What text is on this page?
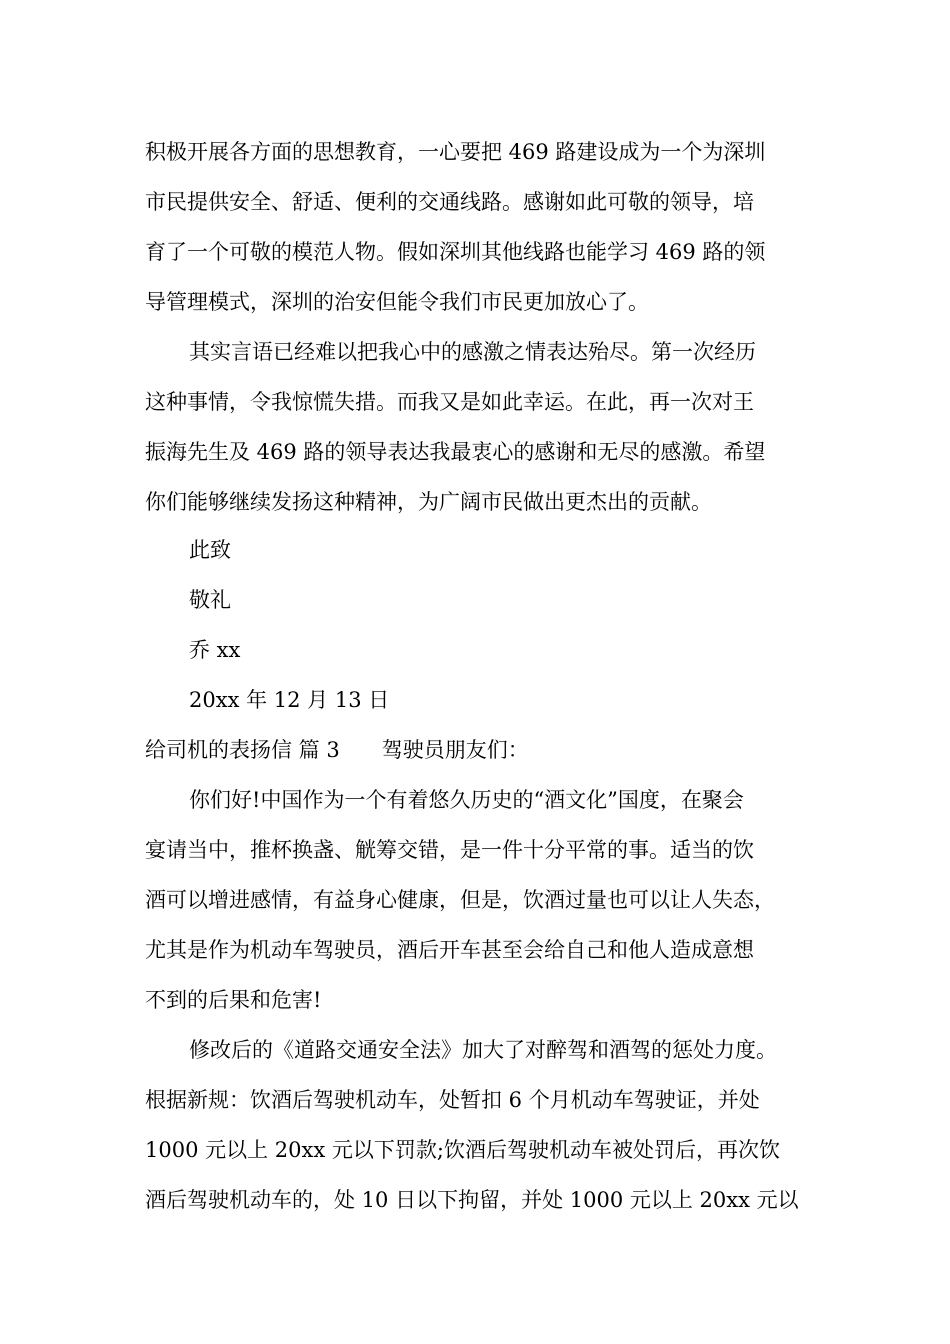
积极开展各方面的思想教育，一心要把 469 路建设成为一个为深圳
市民提供安全、舒适、便利的交通线路。感谢如此可敬的领导，培
育了一个可敬的模范人物。假如深圳其他线路也能学习 469 路的领
导管理模式，深圳的治安但能令我们市民更加放心了。
其实言语已经难以把我心中的感激之情表达殆尽。第一次经历
这种事情，令我惊慌失措。而我又是如此幸运。在此，再一次对王
振海先生及 469 路的领导表达我最衷心的感谢和无尽的感激。希望
你们能够继续发扬这种精神，为广阔市民做出更杰出的贡献。
此致
敬礼
乔 xx
20xx 年 12 月 13 日
给司机的表扬信 篇 3 驾驶员朋友们：
你们好!中国作为一个有着悠久历史的“酒文化”国度，在聚会
宴请当中，推杯换盏、觥筹交错，是一件十分平常的事。适当的饮
酒可以增进感情，有益身心健康，但是，饮酒过量也可以让人失态，
尤其是作为机动车驾驶员，酒后开车甚至会给自己和他人造成意想
不到的后果和危害!
修改后的《道路交通安全法》加大了对醉驾和酒驾的惩处力度。
根据新规：饮酒后驾驶机动车，处暂扣 6 个月机动车驾驶证，并处
1000 元以上 20xx 元以下罚款;饮酒后驾驶机动车被处罚后，再次饮
酒后驾驶机动车的，处 10 日以下拘留，并处 1000 元以上 20xx 元以
